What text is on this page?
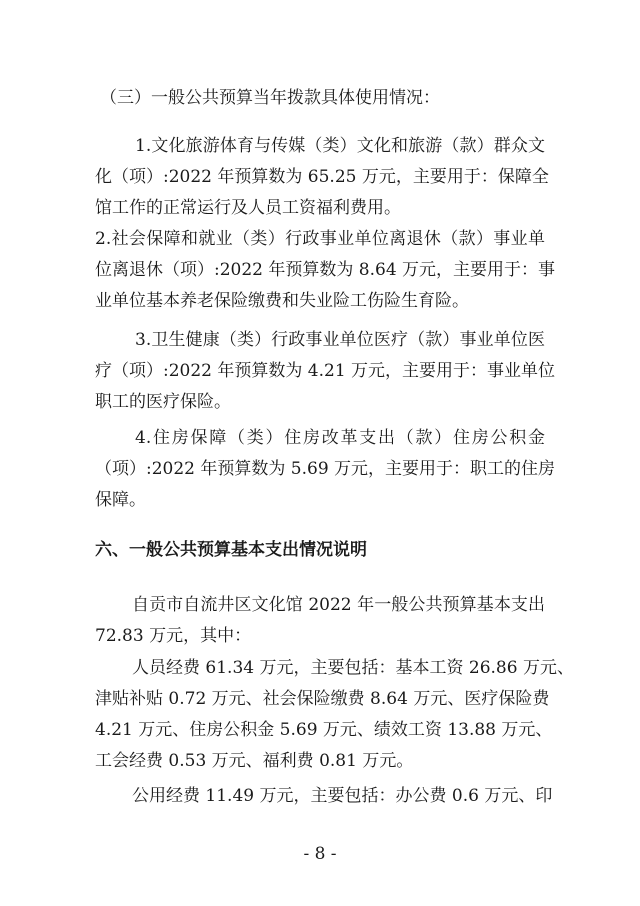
（三）一般公共预算当年拨款具体使用情况：
1.文化旅游体育与传媒（类）文化和旅游（款）群众文
化（项）:2022 年预算数为 65.25 万元，主要用于：保障全
馆工作的正常运行及人员工资福利费用。
2.社会保障和就业（类）行政事业单位离退休（款）事业单
位离退休（项）:2022 年预算数为 8.64 万元，主要用于：事
业单位基本养老保险缴费和失业险工伤险生育险。
3.卫生健康（类）行政事业单位医疗（款）事业单位医
疗（项）:2022 年预算数为 4.21 万元，主要用于：事业单位
职工的医疗保险。
4.住房保障（类）住房改革支出（款）住房公积金
（项）:2022 年预算数为 5.69 万元，主要用于：职工的住房
保障。
六、一般公共预算基本支出情况说明
自贡市自流井区文化馆 2022 年一般公共预算基本支出
72.83 万元，其中：
人员经费 61.34 万元，主要包括：基本工资 26.86 万元、
津贴补贴 0.72 万元、社会保险缴费 8.64 万元、医疗保险费
4.21 万元、住房公积金 5.69 万元、绩效工资 13.88 万元、
工会经费 0.53 万元、福利费 0.81 万元。
公用经费 11.49 万元，主要包括：办公费 0.6 万元、印
- 8 -
